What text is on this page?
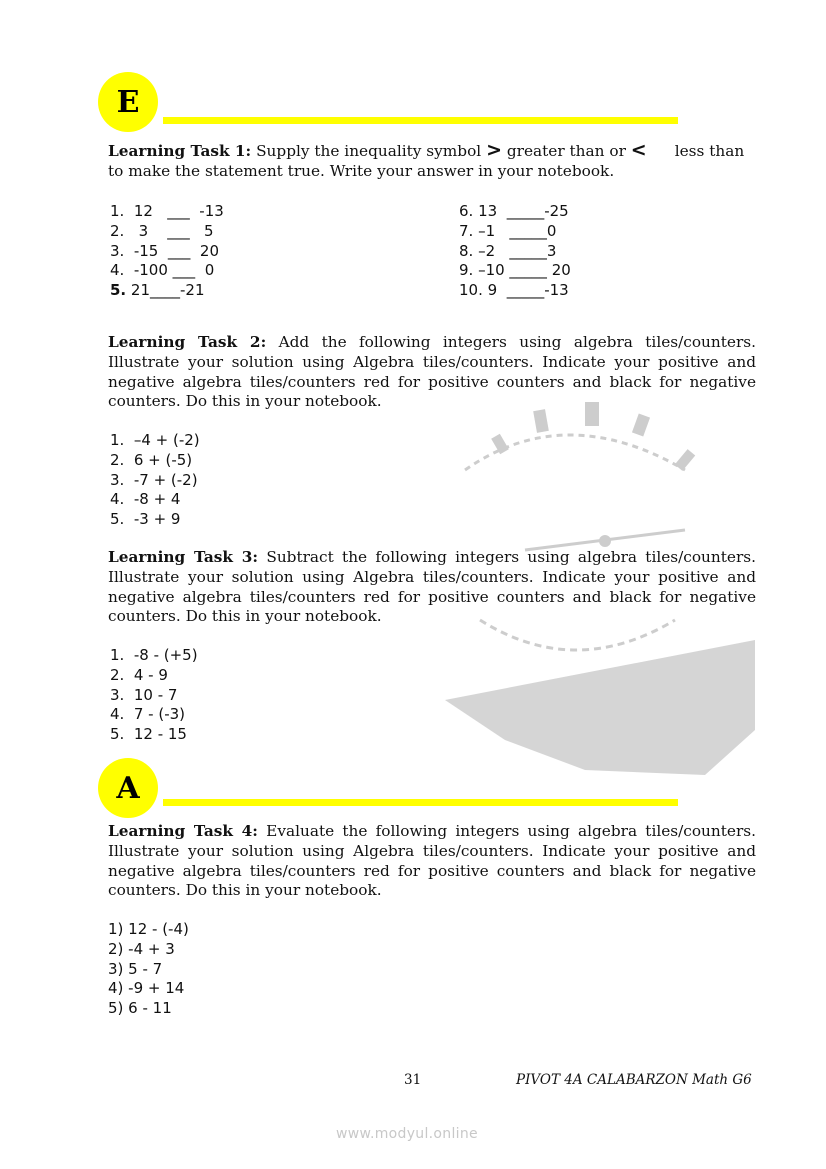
E
Learning Task 1: Supply the inequality symbol > greater than or < less than
to make the statement true. Write your answer in your notebook.
1.  12   ___  -13
2.   3    ___   5
3.  -15  ___  20
4.  -100 ___  0
5. 21____-21
6. 13  _____-25
7. –1   _____0
8. –2   _____3
9. –10 _____ 20
10. 9  _____-13
Learning Task 2: Add the following integers using algebra tiles/counters. Illustrate your solution using Algebra tiles/counters. Indicate your positive and negative algebra tiles/counters red for positive counters and black for negative counters. Do this in your notebook.
1.  –4 + (-2)
2.  6 + (-5)
3.  -7 + (-2)
4.  -8 + 4
5.  -3 + 9
Learning Task 3: Subtract the following integers using algebra tiles/counters. Illustrate your solution using Algebra tiles/counters. Indicate your positive and negative algebra tiles/counters red for positive counters and black for negative counters. Do this in your notebook.
1.  -8 - (+5)
2.  4 - 9
3.  10 - 7
4.  7 - (-3)
5.  12 - 15
A
Learning Task 4: Evaluate the following integers using algebra tiles/counters. Illustrate your solution using Algebra tiles/counters. Indicate your positive and negative algebra tiles/counters red for positive counters and black for negative counters. Do this in your notebook.
1) 12 - (-4)
2) -4 + 3
3) 5 - 7
4) -9 + 14
5) 6 - 11
31	PIVOT 4A CALABARZON Math G6
www.modyul.online
